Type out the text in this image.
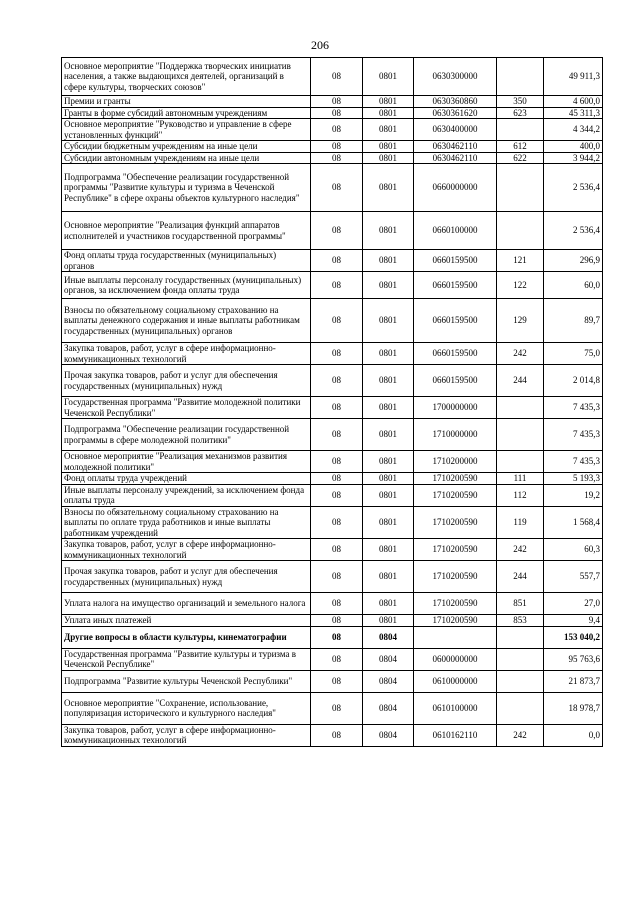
206
Основное мероприятие "Поддержка творческих инициатив населения, а также выдающихся деятелей, организаций в сфере культуры, творческих союзов"	08	0801	0630300000		49 911,3
Премии и гранты	08	0801	0630360860	350	4 600,0
Гранты в форме субсидий автономным учреждениям	08	0801	0630361620	623	45 311,3
Основное мероприятие "Руководство и управление в сфере установленных функций"	08	0801	0630400000		4 344,2
Субсидии бюджетным учреждениям на иные цели	08	0801	0630462110	612	400,0
Субсидии автономным учреждениям на иные цели	08	0801	0630462110	622	3 944,2
Подпрограмма "Обеспечение реализации государственной программы "Развитие культуры и туризма в Чеченской Республике" в сфере охраны объектов культурного наследия"	08	0801	0660000000		2 536,4
Основное мероприятие "Реализация функций аппаратов исполнителей и участников государственной программы"	08	0801	0660100000		2 536,4
Фонд оплаты труда государственных (муниципальных) органов	08	0801	0660159500	121	296,9
Иные выплаты персоналу государственных (муниципальных) органов, за исключением фонда оплаты труда	08	0801	0660159500	122	60,0
Взносы по обязательному социальному страхованию на выплаты денежного содержания и иные выплаты работникам государственных (муниципальных) органов	08	0801	0660159500	129	89,7
Закупка товаров, работ, услуг в сфере информационно-коммуникационных технологий	08	0801	0660159500	242	75,0
Прочая закупка товаров, работ и услуг для обеспечения государственных (муниципальных) нужд	08	0801	0660159500	244	2 014,8
Государственная программа "Развитие молодежной политики Чеченской Республики"	08	0801	1700000000		7 435,3
Подпрограмма "Обеспечение реализации государственной программы в сфере молодежной политики"	08	0801	1710000000		7 435,3
Основное мероприятие "Реализация механизмов развития молодежной политики"	08	0801	1710200000		7 435,3
Фонд оплаты труда учреждений	08	0801	1710200590	111	5 193,3
Иные выплаты персоналу учреждений, за исключением фонда оплаты труда	08	0801	1710200590	112	19,2
Взносы по обязательному социальному страхованию на выплаты по оплате труда работников и иные выплаты работникам учреждений	08	0801	1710200590	119	1 568,4
Закупка товаров, работ, услуг в сфере информационно-коммуникационных технологий	08	0801	1710200590	242	60,3
Прочая закупка товаров, работ и услуг для обеспечения государственных (муниципальных) нужд	08	0801	1710200590	244	557,7
Уплата налога на имущество организаций и земельного налога	08	0801	1710200590	851	27,0
Уплата иных платежей	08	0801	1710200590	853	9,4
Другие вопросы в области культуры, кинематографии	08	0804			153 040,2
Государственная программа "Развитие культуры и туризма в Чеченской Республике"	08	0804	0600000000		95 763,6
Подпрограмма "Развитие культуры Чеченской Республики"	08	0804	0610000000		21 873,7
Основное мероприятие "Сохранение, использование, популяризация исторического и культурного наследия"	08	0804	0610100000		18 978,7
Закупка товаров, работ, услуг в сфере информационно-коммуникационных технологий	08	0804	0610162110	242	0,0
